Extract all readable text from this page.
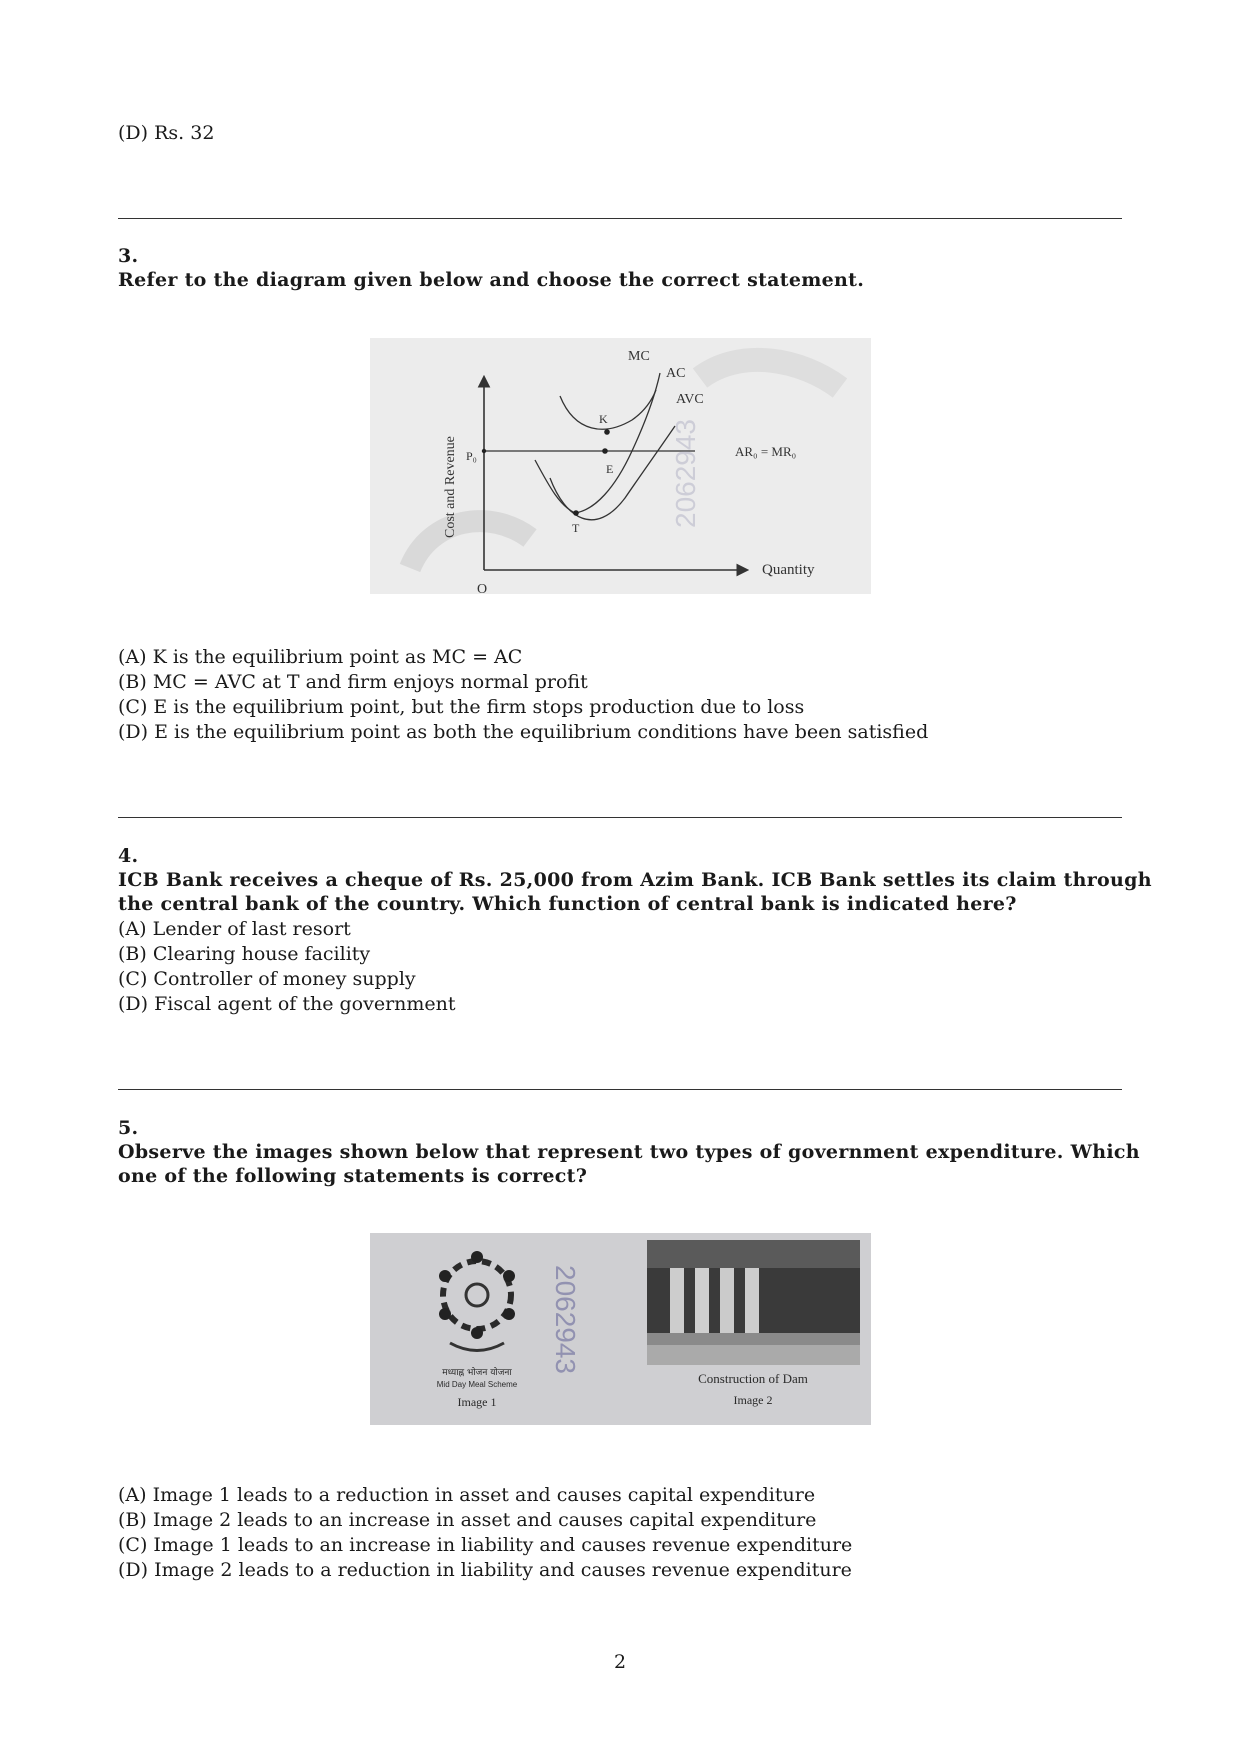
(D) Rs. 32
3.
Refer to the diagram given below and choose the correct statement.
Cost and Revenue
Quantity
O
P₀	AR₀ = MR₀
MC
AC
AVC
K
E
T	2062943
(A) K is the equilibrium point as MC = AC
(B) MC = AVC at T and firm enjoys normal profit
(C) E is the equilibrium point, but the firm stops production due to loss
(D) E is the equilibrium point as both the equilibrium conditions have been satisfied
4.
ICB Bank receives a cheque of Rs. 25,000 from Azim Bank. ICB Bank settles its claim through
the central bank of the country. Which function of central bank is indicated here?
(A) Lender of last resort
(B) Clearing house facility
(C) Controller of money supply
(D) Fiscal agent of the government
5.
Observe the images shown below that represent two types of government expenditure. Which
one of the following statements is correct?
मध्याह्न भोजन योजना
Mid Day Meal Scheme
Image 1
2062943
Construction of Dam
Image 2
(A) Image 1 leads to a reduction in asset and causes capital expenditure
(B) Image 2 leads to an increase in asset and causes capital expenditure
(C) Image 1 leads to an increase in liability and causes revenue expenditure
(D) Image 2 leads to a reduction in liability and causes revenue expenditure
2
